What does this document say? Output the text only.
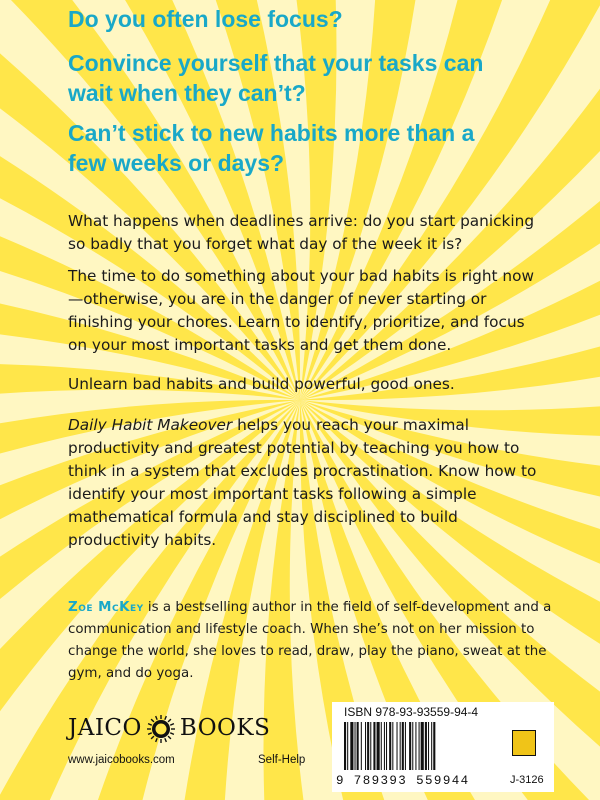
Do you often lose focus?
Convince yourself that your tasks can wait when they can’t?
Can’t stick to new habits more than a few weeks or days?

What happens when deadlines arrive: do you start panicking so badly that you forget what day of the week it is?

The time to do something about your bad habits is right now—otherwise, you are in the danger of never starting or finishing your chores. Learn to identify, prioritize, and focus on your most important tasks and get them done.

Unlearn bad habits and build powerful, good ones.

Daily Habit Makeover helps you reach your maximal productivity and greatest potential by teaching you how to think in a system that excludes procrastination. Know how to identify your most important tasks following a simple mathematical formula and stay disciplined to build productivity habits.

Zoe McKey is a bestselling author in the field of self-development and a communication and lifestyle coach. When she’s not on her mission to change the world, she loves to read, draw, play the piano, sweat at the gym, and do yoga.

JAICO BOOKS
www.jaicobooks.com	Self-Help
ISBN 978-93-93559-94-4
9 789393 559944	J-3126
